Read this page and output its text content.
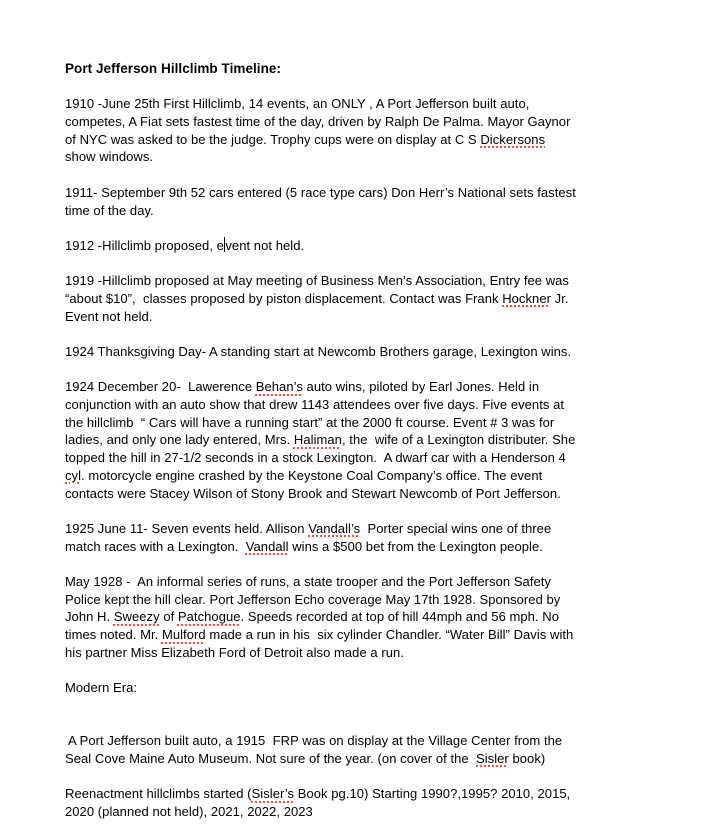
Port Jefferson Hillclimb Timeline:
1910 -June 25th First Hillclimb, 14 events, an ONLY , A Port Jefferson built auto,
competes, A Fiat sets fastest time of the day, driven by Ralph De Palma. Mayor Gaynor
of NYC was asked to be the judge. Trophy cups were on display at C S Dickersons
show windows.
1911- September 9th 52 cars entered (5 race type cars) Don Herr’s National sets fastest
time of the day.
1912 -Hillclimb proposed, e vent not held.
1919 -Hillclimb proposed at May meeting of Business Men’s Association, Entry fee was
“about $10”,  classes proposed by piston displacement. Contact was Frank Hockner Jr.
Event not held.
1924 Thanksgiving Day- A standing start at Newcomb Brothers garage, Lexington wins.
1924 December 20-  Lawerence Behan’s auto wins, piloted by Earl Jones. Held in
conjunction with an auto show that drew 1143 attendees over five days. Five events at
the hillclimb  “ Cars will have a running start” at the 2000 ft course. Event # 3 was for
ladies, and only one lady entered, Mrs. Haliman, the  wife of a Lexington distributer. She
topped the hill in 27-1/2 seconds in a stock Lexington.  A dwarf car with a Henderson 4
cyl. motorcycle engine crashed by the Keystone Coal Company’s office. The event
contacts were Stacey Wilson of Stony Brook and Stewart Newcomb of Port Jefferson.
1925 June 11- Seven events held. Allison Vandall’s  Porter special wins one of three
match races with a Lexington.  Vandall wins a $500 bet from the Lexington people.
May 1928 -  An informal series of runs, a state trooper and the Port Jefferson Safety
Police kept the hill clear. Port Jefferson Echo coverage May 17th 1928. Sponsored by
John H. Sweezy of Patchogue. Speeds recorded at top of hill 44mph and 56 mph. No
times noted. Mr. Mulford made a run in his  six cylinder Chandler. “Water Bill” Davis with
his partner Miss Elizabeth Ford of Detroit also made a run.
Modern Era:
A Port Jefferson built auto, a 1915  FRP was on display at the Village Center from the
Seal Cove Maine Auto Museum. Not sure of the year. (on cover of the  Sisler book)
Reenactment hillclimbs started (Sisler’s Book pg.10) Starting 1990?,1995? 2010, 2015,
2020 (planned not held), 2021, 2022, 2023
